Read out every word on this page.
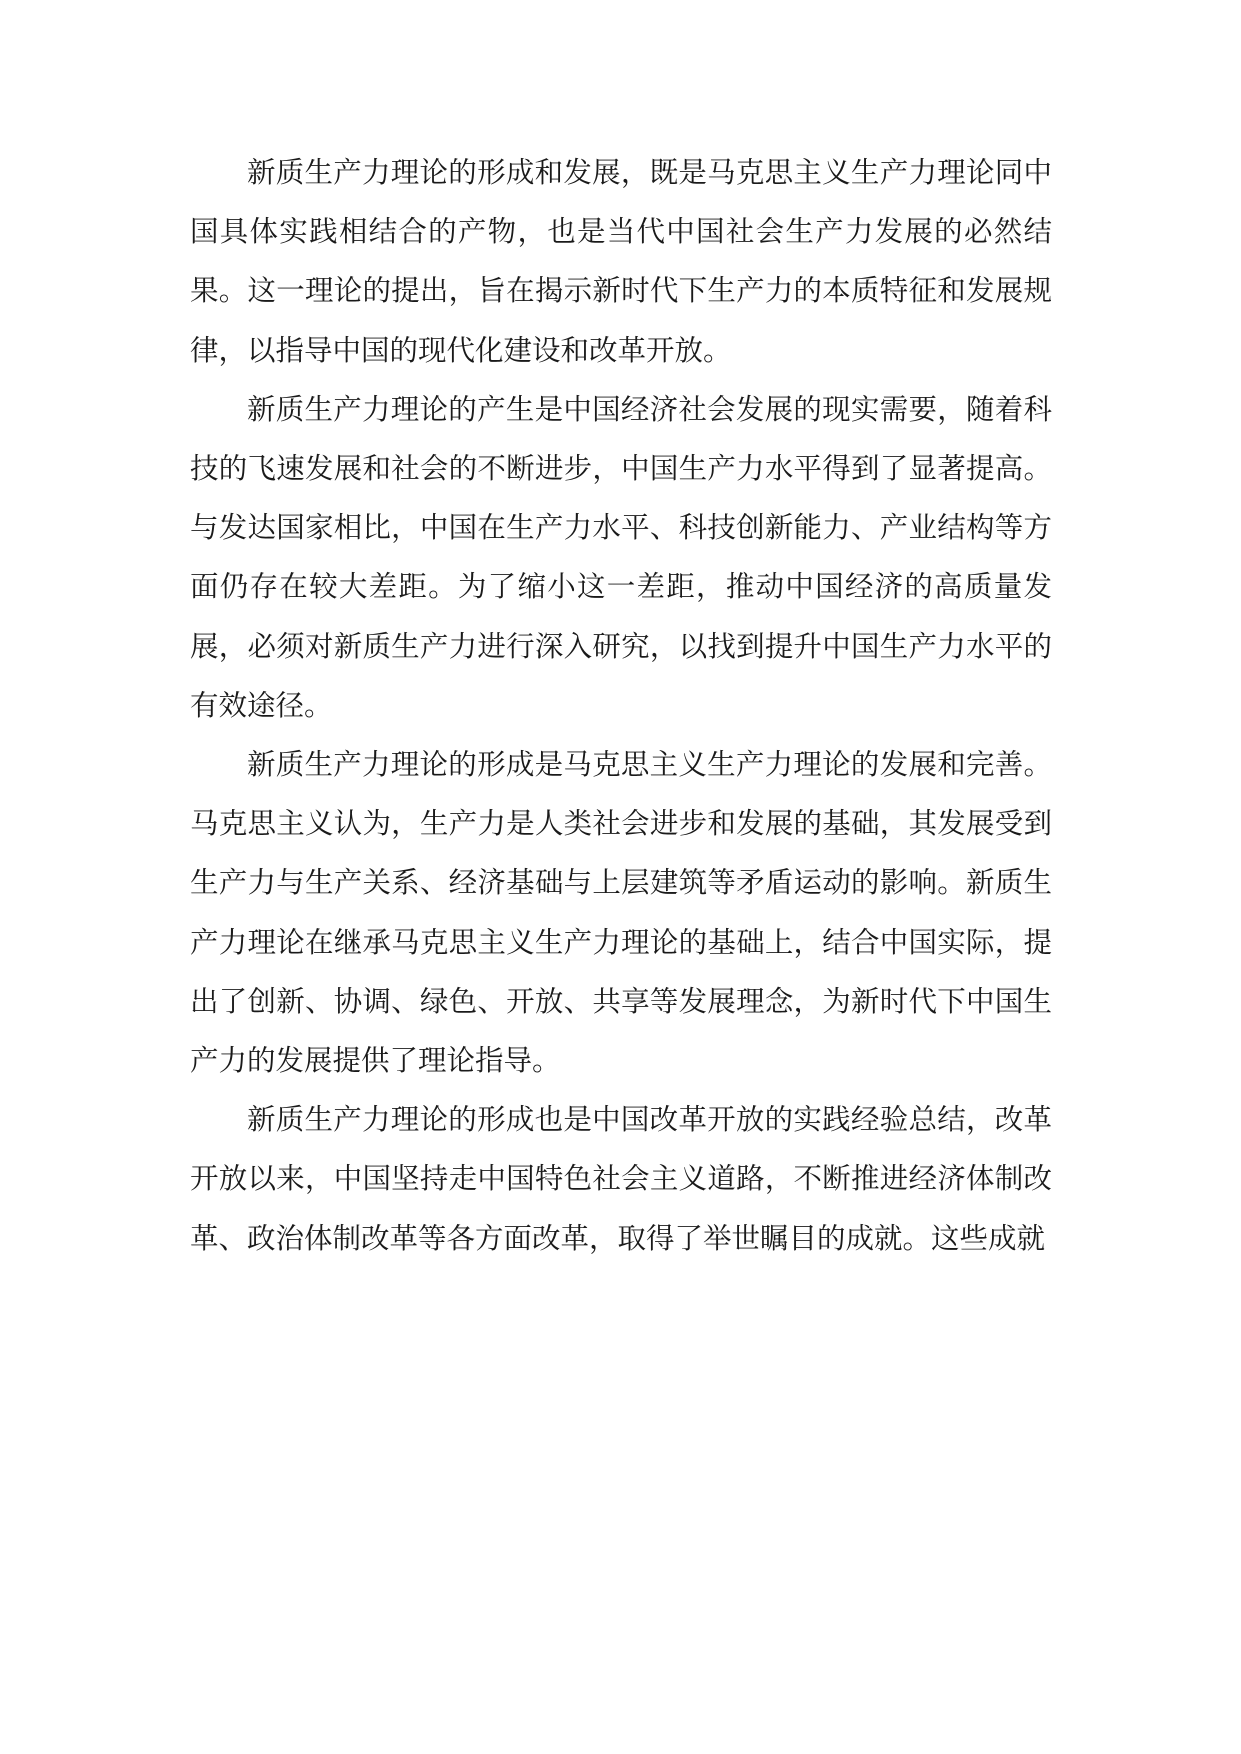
新质生产力理论的形成和发展，既是马克思主义生产力理论同中国具体实践相结合的产物，也是当代中国社会生产力发展的必然结果。这一理论的提出，旨在揭示新时代下生产力的本质特征和发展规律，以指导中国的现代化建设和改革开放。

新质生产力理论的产生是中国经济社会发展的现实需要，随着科技的飞速发展和社会的不断进步，中国生产力水平得到了显著提高。与发达国家相比，中国在生产力水平、科技创新能力、产业结构等方面仍存在较大差距。为了缩小这一差距，推动中国经济的高质量发展，必须对新质生产力进行深入研究，以找到提升中国生产力水平的有效途径。

新质生产力理论的形成是马克思主义生产力理论的发展和完善。马克思主义认为，生产力是人类社会进步和发展的基础，其发展受到生产力与生产关系、经济基础与上层建筑等矛盾运动的影响。新质生产力理论在继承马克思主义生产力理论的基础上，结合中国实际，提出了创新、协调、绿色、开放、共享等发展理念，为新时代下中国生产力的发展提供了理论指导。

新质生产力理论的形成也是中国改革开放的实践经验总结，改革开放以来，中国坚持走中国特色社会主义道路，不断推进经济体制改革、政治体制改革等各方面改革，取得了举世瞩目的成就。这些成就
